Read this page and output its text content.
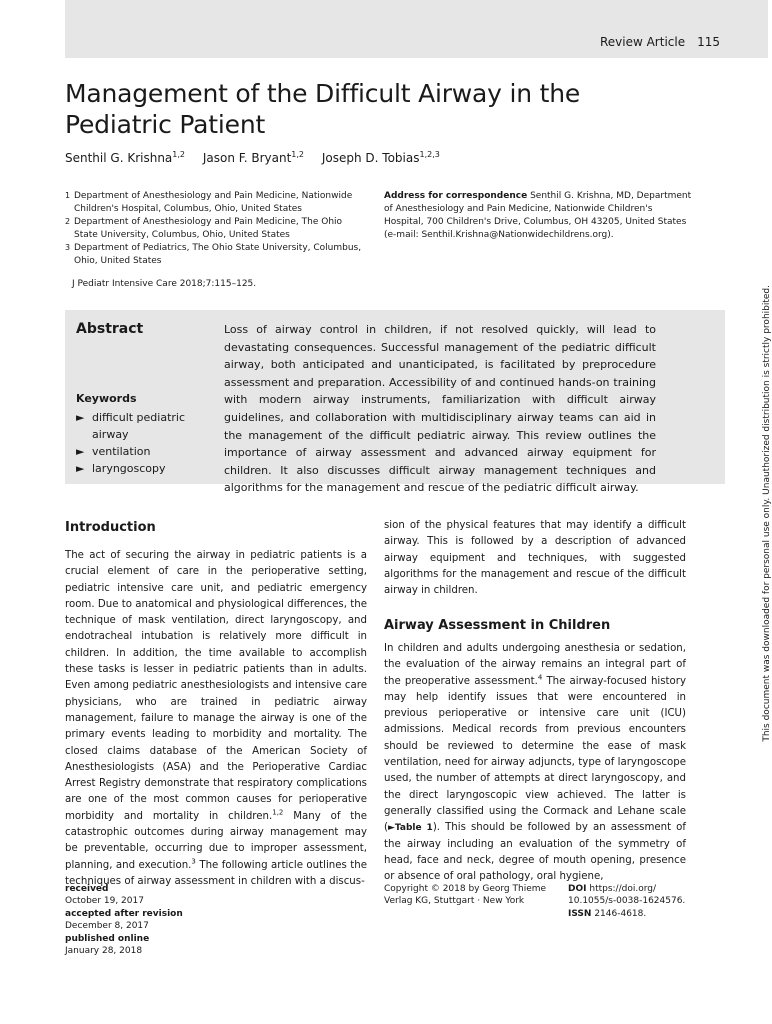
Review Article 115
Management of the Difficult Airway in the Pediatric Patient
Senthil G. Krishna$^{1,2}$ Jason F. Bryant$^{1,2}$ Joseph D. Tobias$^{1,2,3}$
1 Department of Anesthesiology and Pain Medicine, Nationwide Children's Hospital, Columbus, Ohio, United States
2 Department of Anesthesiology and Pain Medicine, The Ohio State University, Columbus, Ohio, United States
3 Department of Pediatrics, The Ohio State University, Columbus, Ohio, United States
Address for correspondence Senthil G. Krishna, MD, Department of Anesthesiology and Pain Medicine, Nationwide Children's Hospital, 700 Children's Drive, Columbus, OH 43205, United States (e-mail: Senthil.Krishna@Nationwidechildrens.org).
J Pediatr Intensive Care 2018;7:115–125.
Abstract
Keywords
► difficult pediatric airway
► ventilation
► laryngoscopy
Loss of airway control in children, if not resolved quickly, will lead to devastating consequences. Successful management of the pediatric difficult airway, both anticipated and unanticipated, is facilitated by preprocedure assessment and preparation. Accessibility of and continued hands-on training with modern airway instruments, familiarization with difficult airway guidelines, and collaboration with multidisciplinary airway teams can aid in the management of the difficult pediatric airway. This review outlines the importance of airway assessment and advanced airway equipment for children. It also discusses difficult airway management techniques and algorithms for the management and rescue of the pediatric difficult airway.
Introduction
The act of securing the airway in pediatric patients is a crucial element of care in the perioperative setting, pediatric intensive care unit, and pediatric emergency room. Due to anatomical and physiological differences, the technique of mask ventilation, direct laryngoscopy, and endotracheal intubation is relatively more difficult in children. In addition, the time available to accomplish these tasks is lesser in pediatric patients than in adults. Even among pediatric anesthesiologists and intensive care physicians, who are trained in pediatric airway management, failure to manage the airway is one of the primary events leading to morbidity and mortality. The closed claims database of the American Society of Anesthesiologists (ASA) and the Perioperative Cardiac Arrest Registry demonstrate that respiratory complications are one of the most common causes for perioperative morbidity and mortality in children.$^{1,2}$ Many of the catastrophic outcomes during airway management may be preventable, occurring due to improper assessment, planning, and execution.$^3$ The following article outlines the techniques of airway assessment in children with a discus-
sion of the physical features that may identify a difficult airway. This is followed by a description of advanced airway equipment and techniques, with suggested algorithms for the management and rescue of the difficult airway in children.
Airway Assessment in Children
In children and adults undergoing anesthesia or sedation, the evaluation of the airway remains an integral part of the preoperative assessment.$^4$ The airway-focused history may help identify issues that were encountered in previous perioperative or intensive care unit (ICU) admissions. Medical records from previous encounters should be reviewed to determine the ease of mask ventilation, need for airway adjuncts, type of laryngoscope used, the number of attempts at direct laryngoscopy, and the direct laryngoscopic view achieved. The latter is generally classified using the Cormack and Lehane scale (►Table 1). This should be followed by an assessment of the airway including an evaluation of the symmetry of head, face and neck, degree of mouth opening, presence or absence of oral pathology, oral hygiene,
This document was downloaded for personal use only. Unauthorized distribution is strictly prohibited.
received
October 19, 2017
accepted after revision
December 8, 2017
published online
January 28, 2018
Copyright © 2018 by Georg Thieme
Verlag KG, Stuttgart · New York
DOI https://doi.org/
10.1055/s-0038-1624576.
ISSN 2146-4618.
